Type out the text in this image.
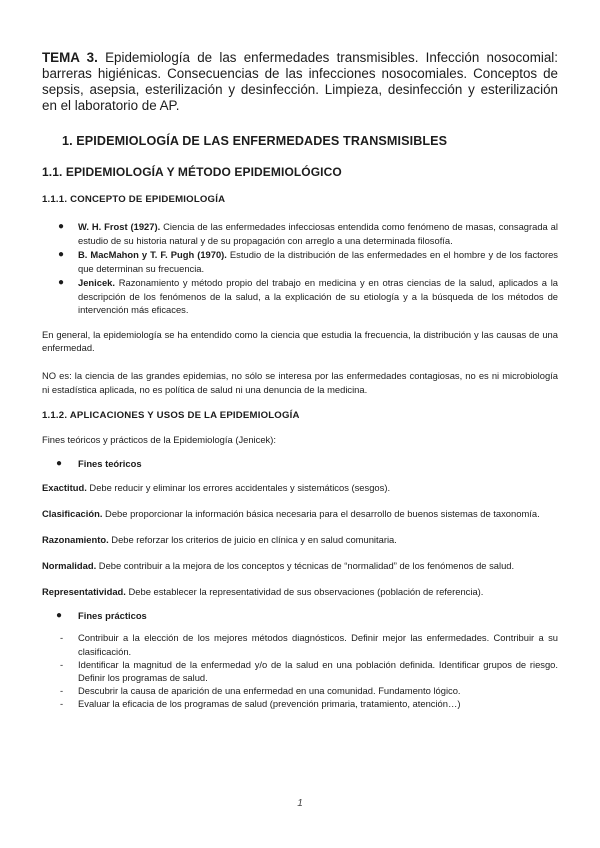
TEMA 3. Epidemiología de las enfermedades transmisibles. Infección nosocomial: barreras higiénicas. Consecuencias de las infecciones nosocomiales. Conceptos de sepsis, asepsia, esterilización y desinfección. Limpieza, desinfección y esterilización en el laboratorio de AP.

1. EPIDEMIOLOGÍA DE LAS ENFERMEDADES TRANSMISIBLES
1.1. EPIDEMIOLOGÍA Y MÉTODO EPIDEMIOLÓGICO
1.1.1. CONCEPTO DE EPIDEMIOLOGÍA
● W. H. Frost (1927). Ciencia de las enfermedades infecciosas entendida como fenómeno de masas, consagrada al estudio de su historia natural y de su propagación con arreglo a una determinada filosofía.
● B. MacMahon y T. F. Pugh (1970). Estudio de la distribución de las enfermedades en el hombre y de los factores que determinan su frecuencia.
● Jenicek. Razonamiento y método propio del trabajo en medicina y en otras ciencias de la salud, aplicados a la descripción de los fenómenos de la salud, a la explicación de su etiología y a la búsqueda de los métodos de intervención más eficaces.

En general, la epidemiología se ha entendido como la ciencia que estudia la frecuencia, la distribución y las causas de una enfermedad.

NO es: la ciencia de las grandes epidemias, no sólo se interesa por las enfermedades contagiosas, no es ni microbiología ni estadística aplicada, no es política de salud ni una denuncia de la medicina.

1.1.2. APLICACIONES Y USOS DE LA EPIDEMIOLOGÍA

Fines teóricos y prácticos de la Epidemiología (Jenicek):

● Fines teóricos

Exactitud. Debe reducir y eliminar los errores accidentales y sistemáticos (sesgos).

Clasificación. Debe proporcionar la información básica necesaria para el desarrollo de buenos sistemas de taxonomía.

Razonamiento. Debe reforzar los criterios de juicio en clínica y en salud comunitaria.

Normalidad. Debe contribuir a la mejora de los conceptos y técnicas de “normalidad” de los fenómenos de salud.

Representatividad. Debe establecer la representatividad de sus observaciones (población de referencia).

● Fines prácticos
- Contribuir a la elección de los mejores métodos diagnósticos. Definir mejor las enfermedades. Contribuir a su clasificación.
- Identificar la magnitud de la enfermedad y/o de la salud en una población definida. Identificar grupos de riesgo. Definir los programas de salud.
- Descubrir la causa de aparición de una enfermedad en una comunidad. Fundamento lógico.
- Evaluar la eficacia de los programas de salud (prevención primaria, tratamiento, atención…)
1
